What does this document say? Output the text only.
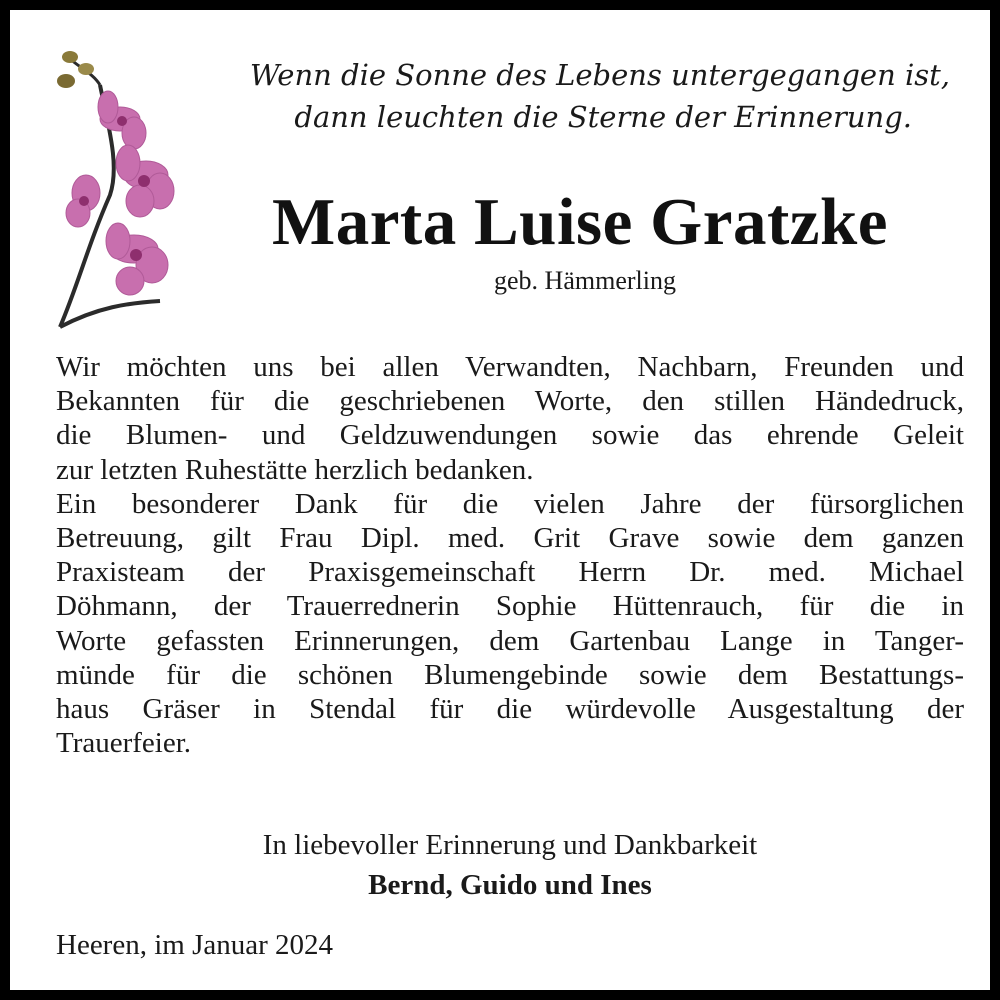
Wenn die Sonne des Lebens untergegangen ist,
dann leuchten die Sterne der Erinnerung.
Marta Luise Gratzke
geb. Hämmerling
Wir möchten uns bei allen Verwandten, Nachbarn, Freunden und
Bekannten für die geschriebenen Worte, den stillen Händedruck,
die Blumen- und Geldzuwendungen sowie das ehrende Geleit
zur letzten Ruhestätte herzlich bedanken.
Ein besonderer Dank für die vielen Jahre der fürsorglichen
Betreuung, gilt Frau Dipl. med. Grit Grave sowie dem ganzen
Praxisteam der Praxisgemeinschaft Herrn Dr. med. Michael
Döhmann, der Trauerrednerin Sophie Hüttenrauch, für die in
Worte gefassten Erinnerungen, dem Gartenbau Lange in Tanger-
münde für die schönen Blumengebinde sowie dem Bestattungs-
haus Gräser in Stendal für die würdevolle Ausgestaltung der
Trauerfeier.
In liebevoller Erinnerung und Dankbarkeit
Bernd, Guido und Ines
Heeren, im Januar 2024
